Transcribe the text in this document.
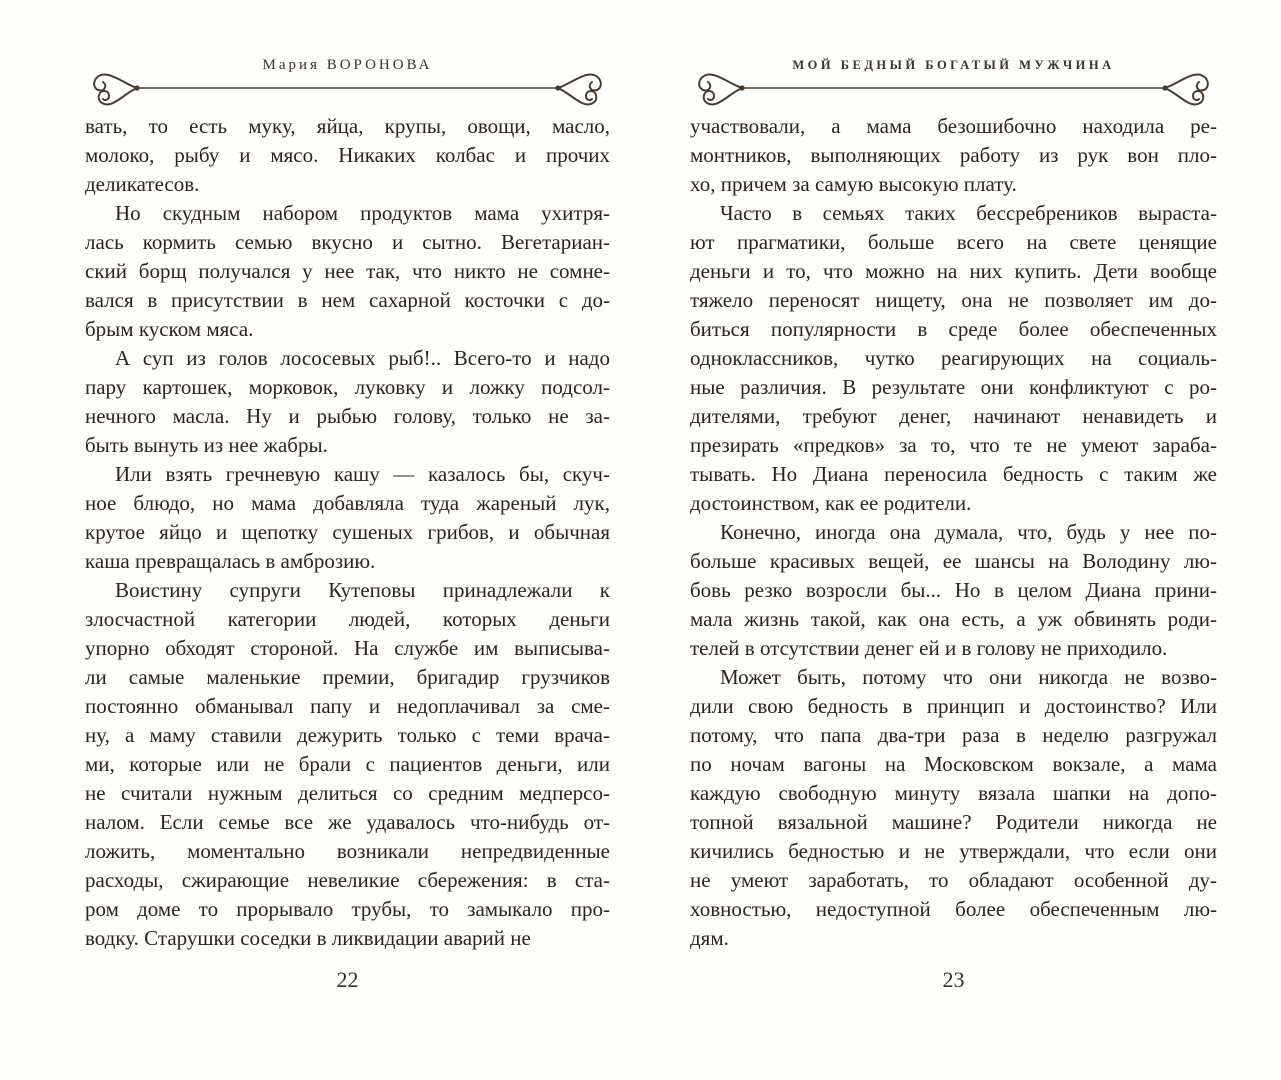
Мария ВОРОНОВА
вать, то есть муку, яйца, крупы, овощи, масло,
молоко, рыбу и мясо. Никаких колбас и прочих
деликатесов.
Но скудным набором продуктов мама ухитря-
лась кормить семью вкусно и сытно. Вегетариан-
ский борщ получался у нее так, что никто не сомне-
вался в присутствии в нем сахарной косточки с до-
брым куском мяса.
А суп из голов лососевых рыб!.. Всего-то и надо
пару картошек, морковок, луковку и ложку подсол-
нечного масла. Ну и рыбью голову, только не за-
быть вынуть из нее жабры.
Или взять гречневую кашу — казалось бы, скуч-
ное блюдо, но мама добавляла туда жареный лук,
крутое яйцо и щепотку сушеных грибов, и обычная
каша превращалась в амброзию.
Воистину супруги Кутеповы принадлежали к
злосчастной категории людей, которых деньги
упорно обходят стороной. На службе им выписыва-
ли самые маленькие премии, бригадир грузчиков
постоянно обманывал папу и недоплачивал за сме-
ну, а маму ставили дежурить только с теми врача-
ми, которые или не брали с пациентов деньги, или
не считали нужным делиться со средним медперсо-
налом. Если семье все же удавалось что-нибудь от-
ложить, моментально возникали непредвиденные
расходы, сжирающие невеликие сбережения: в ста-
ром доме то прорывало трубы, то замыкало про-
водку. Старушки соседки в ликвидации аварий не
22
МОЙ БЕДНЫЙ БОГАТЫЙ МУЖЧИНА
участвовали, а мама безошибочно находила ре-
монтников, выполняющих работу из рук вон пло-
хо, причем за самую высокую плату.
Часто в семьях таких бессребреников выраста-
ют прагматики, больше всего на свете ценящие
деньги и то, что можно на них купить. Дети вообще
тяжело переносят нищету, она не позволяет им до-
биться популярности в среде более обеспеченных
одноклассников, чутко реагирующих на социаль-
ные различия. В результате они конфликтуют с ро-
дителями, требуют денег, начинают ненавидеть и
презирать «предков» за то, что те не умеют зараба-
тывать. Но Диана переносила бедность с таким же
достоинством, как ее родители.
Конечно, иногда она думала, что, будь у нее по-
больше красивых вещей, ее шансы на Володину лю-
бовь резко возросли бы... Но в целом Диана прини-
мала жизнь такой, как она есть, а уж обвинять роди-
телей в отсутствии денег ей и в голову не приходило.
Может быть, потому что они никогда не возво-
дили свою бедность в принцип и достоинство? Или
потому, что папа два-три раза в неделю разгружал
по ночам вагоны на Московском вокзале, а мама
каждую свободную минуту вязала шапки на допо-
топной вязальной машине? Родители никогда не
кичились бедностью и не утверждали, что если они
не умеют заработать, то обладают особенной ду-
ховностью, недоступной более обеспеченным лю-
дям.
23
